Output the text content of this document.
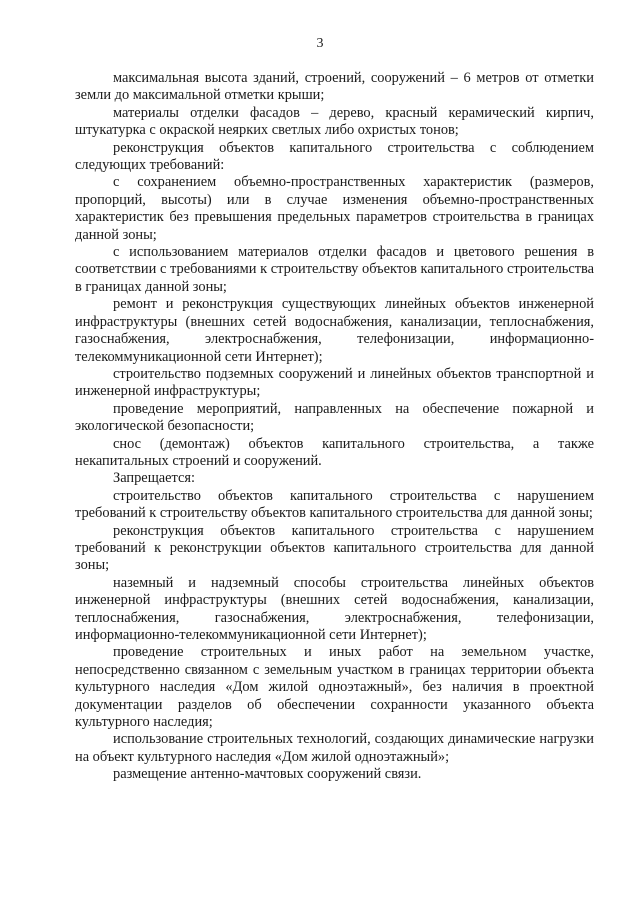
3

максимальная высота зданий, строений, сооружений – 6 метров от отметки земли до максимальной отметки крыши;

материалы отделки фасадов – дерево, красный керамический кирпич, штукатурка с окраской неярких светлых либо охристых тонов;

реконструкция объектов капитального строительства с соблюдением следующих требований:

с сохранением объемно-пространственных характеристик (размеров, пропорций, высоты) или в случае изменения объемно-пространственных характеристик без превышения предельных параметров строительства в границах данной зоны;

с использованием материалов отделки фасадов и цветового решения в соответствии с требованиями к строительству объектов капитального строительства в границах данной зоны;

ремонт и реконструкция существующих линейных объектов инженерной инфраструктуры (внешних сетей водоснабжения, канализации, теплоснабжения, газоснабжения, электроснабжения, телефонизации, информационно-телекоммуникационной сети Интернет);

строительство подземных сооружений и линейных объектов транспортной и инженерной инфраструктуры;

проведение мероприятий, направленных на обеспечение пожарной и экологической безопасности;

снос (демонтаж) объектов капитального строительства, а также некапитальных строений и сооружений.

Запрещается:

строительство объектов капитального строительства с нарушением требований к строительству объектов капитального строительства для данной зоны;

реконструкция объектов капитального строительства с нарушением требований к реконструкции объектов капитального строительства для данной зоны;

наземный и надземный способы строительства линейных объектов инженерной инфраструктуры (внешних сетей водоснабжения, канализации, теплоснабжения, газоснабжения, электроснабжения, телефонизации, информационно-телекоммуникационной сети Интернет);

проведение строительных и иных работ на земельном участке, непосредственно связанном с земельным участком в границах территории объекта культурного наследия «Дом жилой одноэтажный», без наличия в проектной документации разделов об обеспечении сохранности указанного объекта культурного наследия;

использование строительных технологий, создающих динамические нагрузки на объект культурного наследия «Дом жилой одноэтажный»;

размещение антенно-мачтовых сооружений связи.
